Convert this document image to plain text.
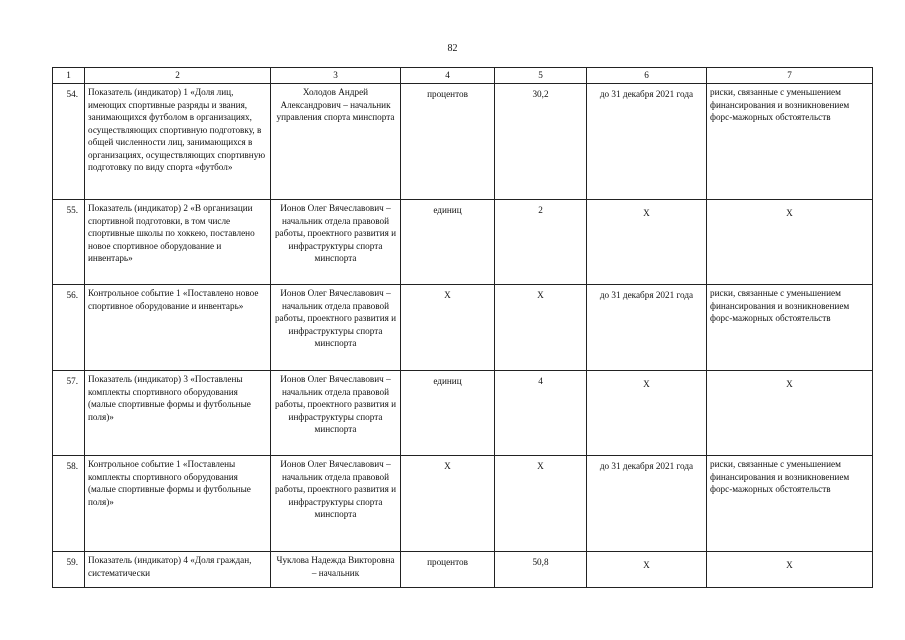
82
1	2	3	4	5	6	7
54.	Показатель (индикатор) 1 «Доля лиц, имеющих спортивные разряды и звания, занимающихся футболом в организациях, осуществляющих спортивную подготовку, в общей численности лиц, занимающихся в организациях, осуществляющих спортивную подготовку по виду спорта «футбол»	Холодов Андрей Александрович – начальник управления спорта минспорта	процентов	30,2	до 31 декабря 2021 года	риски, связанные с уменьшением финансирования и возникновением форс-мажорных обстоятельств
55.	Показатель (индикатор) 2 «В организации спортивной подготовки, в том числе спортивные школы по хоккею, поставлено новое спортивное оборудование и инвентарь»	Ионов Олег Вячеславович – начальник отдела правовой работы, проектного развития и инфраструктуры спорта минспорта	единиц	2	Х	Х
56.	Контрольное событие 1 «Поставлено новое спортивное оборудование и инвентарь»	Ионов Олег Вячеславович – начальник отдела правовой работы, проектного развития и инфраструктуры спорта минспорта	Х	Х	до 31 декабря 2021 года	риски, связанные с уменьшением финансирования и возникновением форс-мажорных обстоятельств
57.	Показатель (индикатор) 3 «Поставлены комплекты спортивного оборудования (малые спортивные формы и футбольные поля)»	Ионов Олег Вячеславович – начальник отдела правовой работы, проектного развития и инфраструктуры спорта минспорта	единиц	4	Х	Х
58.	Контрольное событие 1 «Поставлены комплекты спортивного оборудования (малые спортивные формы и футбольные поля)»	Ионов Олег Вячеславович – начальник отдела правовой работы, проектного развития и инфраструктуры спорта минспорта	Х	Х	до 31 декабря 2021 года	риски, связанные с уменьшением финансирования и возникновением форс-мажорных обстоятельств
59.	Показатель (индикатор) 4 «Доля граждан, систематически	Чуклова Надежда Викторовна – начальник	процентов	50,8	Х	Х
